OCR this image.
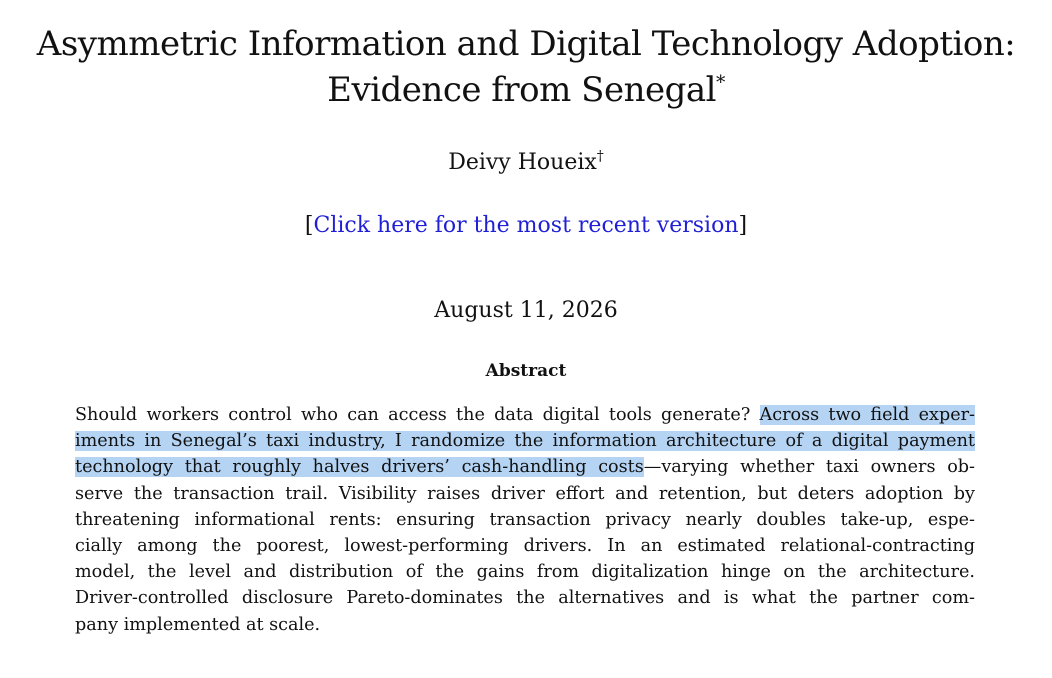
Asymmetric Information and Digital Technology Adoption:
Evidence from Senegal*
Deivy Houeix†
[Click here for the most recent version]
August 11, 2026
Abstract
Should workers control who can access the data digital tools generate? Across two field exper-
iments in Senegal’s taxi industry, I randomize the information architecture of a digital payment
technology that roughly halves drivers’ cash-handling costs—varying whether taxi owners ob-
serve the transaction trail. Visibility raises driver effort and retention, but deters adoption by
threatening informational rents: ensuring transaction privacy nearly doubles take-up, espe-
cially among the poorest, lowest-performing drivers. In an estimated relational-contracting
model, the level and distribution of the gains from digitalization hinge on the architecture.
Driver-controlled disclosure Pareto-dominates the alternatives and is what the partner com-
pany implemented at scale.
